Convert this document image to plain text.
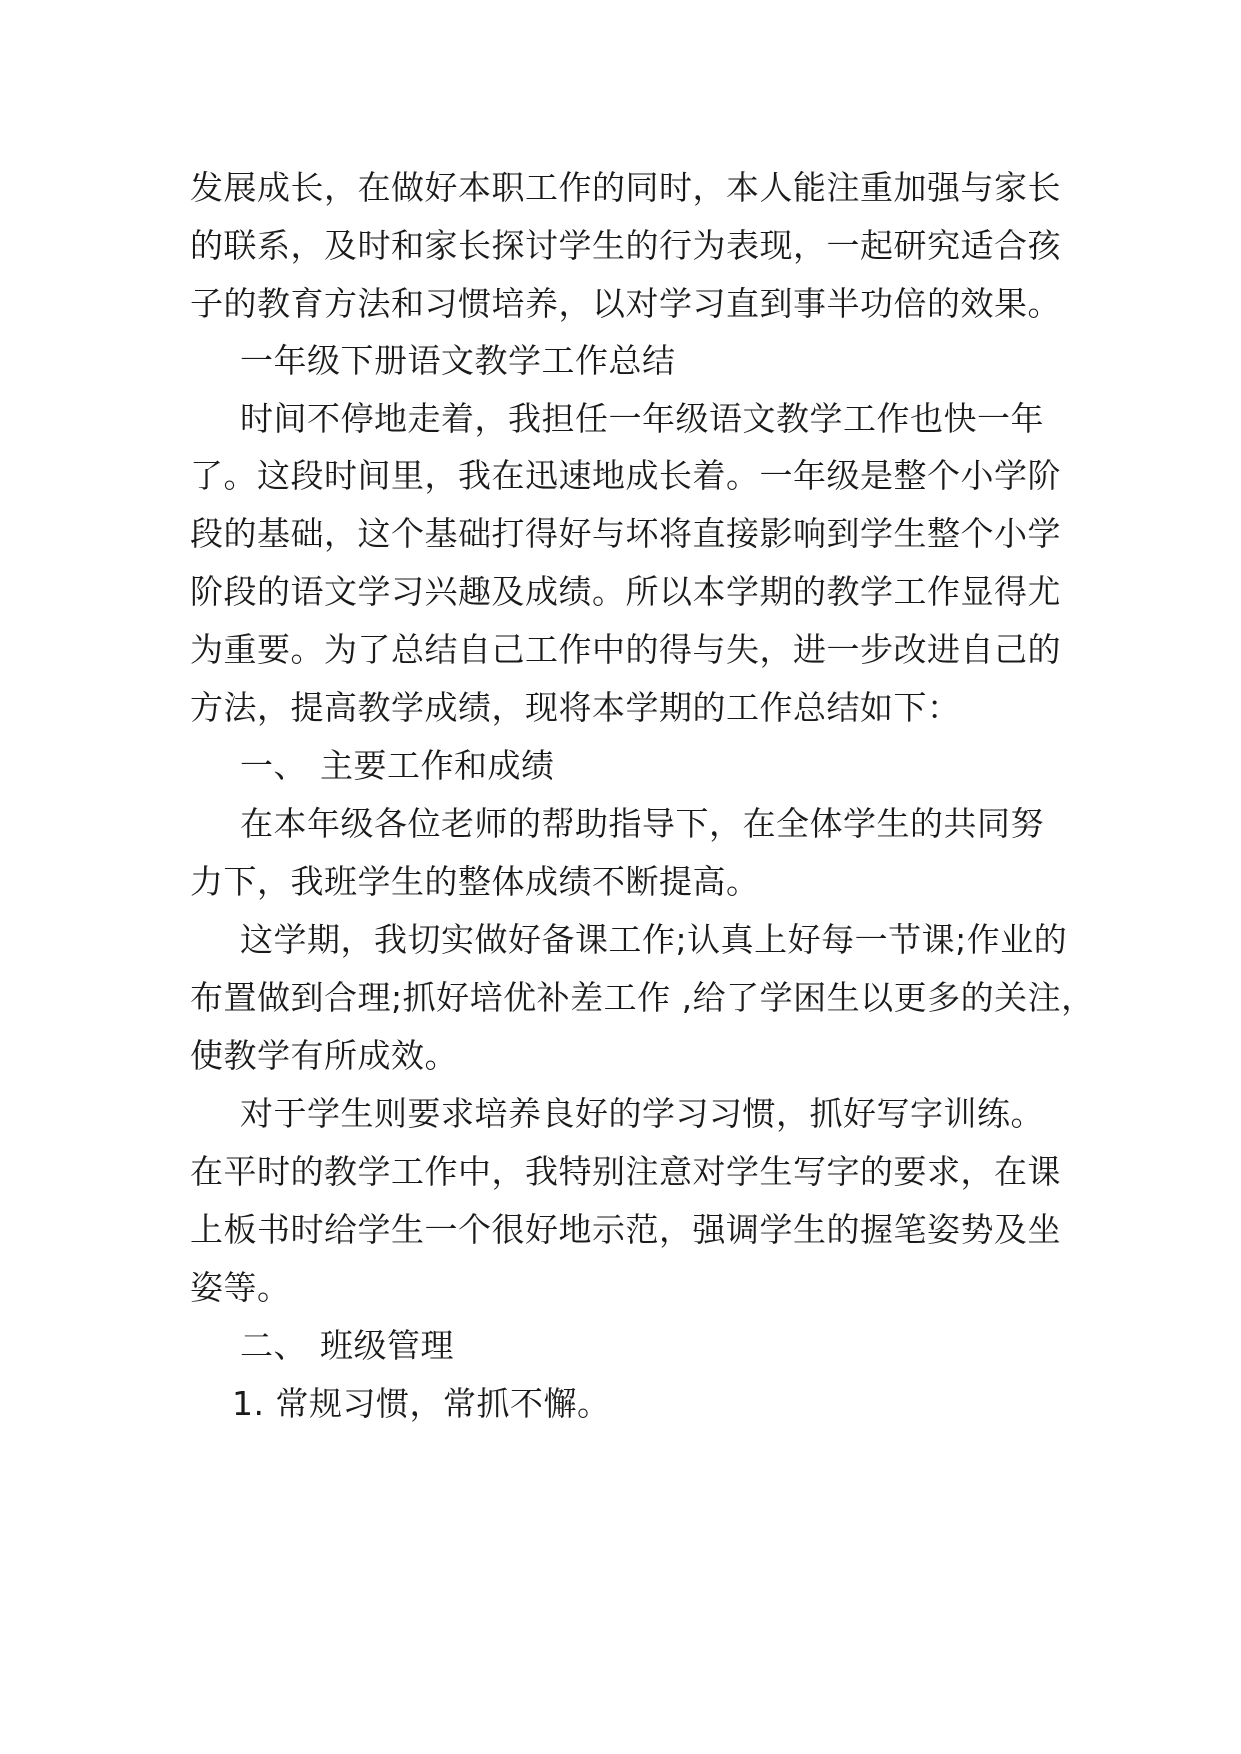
发展成长，在做好本职工作的同时，本人能注重加强与家长
的联系，及时和家长探讨学生的行为表现，一起研究适合孩
子的教育方法和习惯培养，以对学习直到事半功倍的效果。
一年级下册语文教学工作总结
时间不停地走着，我担任一年级语文教学工作也快一年
了。这段时间里，我在迅速地成长着。一年级是整个小学阶
段的基础，这个基础打得好与坏将直接影响到学生整个小学
阶段的语文学习兴趣及成绩。所以本学期的教学工作显得尤
为重要。为了总结自己工作中的得与失，进一步改进自己的
方法，提高教学成绩，现将本学期的工作总结如下：
一、 主要工作和成绩
在本年级各位老师的帮助指导下，在全体学生的共同努
力下，我班学生的整体成绩不断提高。
这学期，我切实做好备课工作;认真上好每一节课;作业的
布置做到合理;抓好培优补差工作 ,给了学困生以更多的关注，
使教学有所成效。
对于学生则要求培养良好的学习习惯，抓好写字训练。
在平时的教学工作中，我特别注意对学生写字的要求，在课
上板书时给学生一个很好地示范，强调学生的握笔姿势及坐
姿等。
二、 班级管理
1. 常规习惯，常抓不懈。
